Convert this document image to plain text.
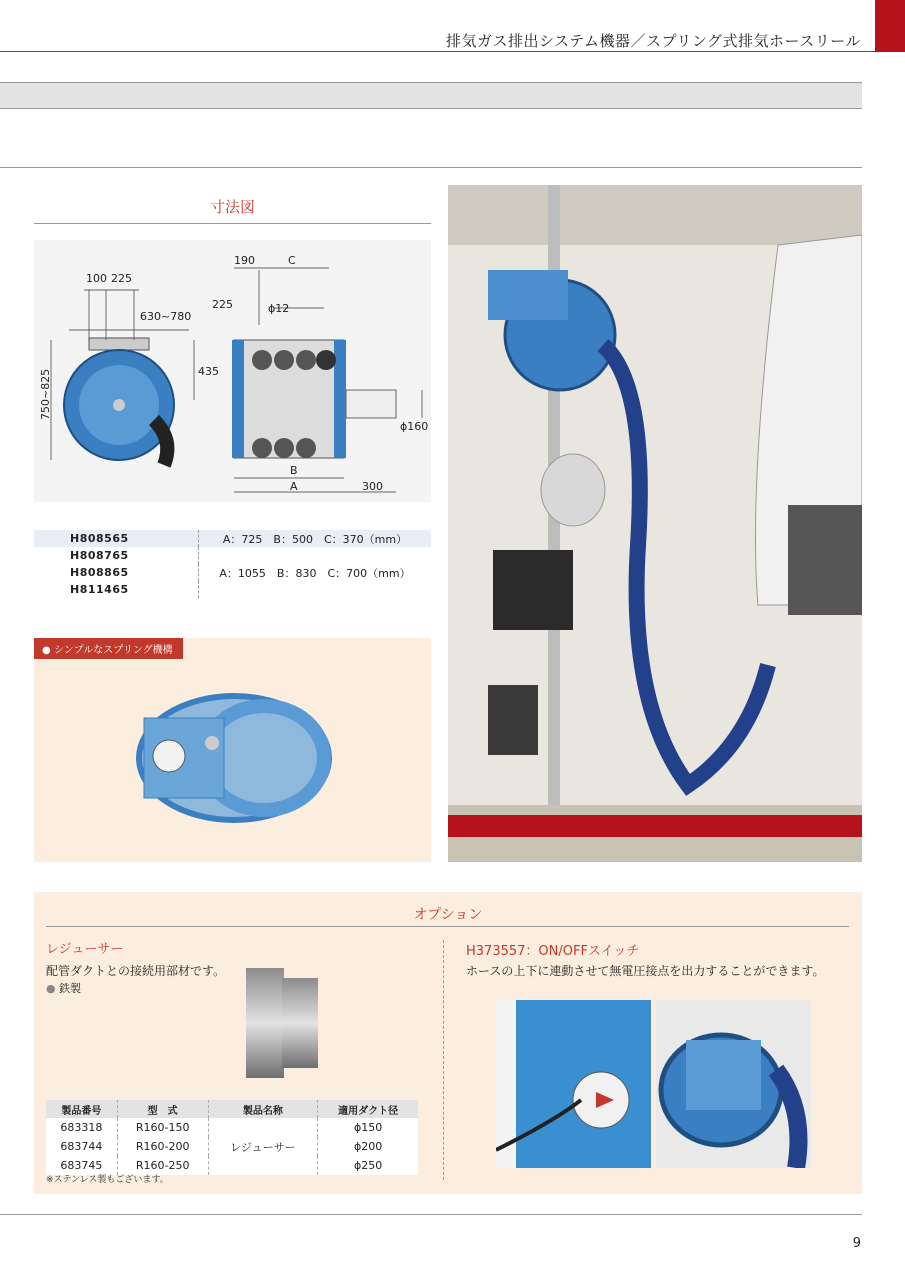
排気ガス排出システム機器／スプリング式排気ホースリール
寸法図
100 225
630~780
750~825	435
190	C
225	ϕ12
ϕ160
B
A	300
H808565	A：725　B：500　C：370（mm）
H808765	
H808865	A：1055　B：830　C：700（mm）
H811465	
● シンプルなスプリング機構
オプション
レジューサー
配管ダクトとの接続用部材です。
● 鉄製
製品番号	型　式	製品名称	適用ダクト径
683318	R160-150		ϕ150
683744	R160-200	レジューサー	ϕ200
683745	R160-250		ϕ250
※ステンレス製もございます。
H373557：ON/OFFスイッチ
ホースの上下に連動させて無電圧接点を出力することができます。
9
